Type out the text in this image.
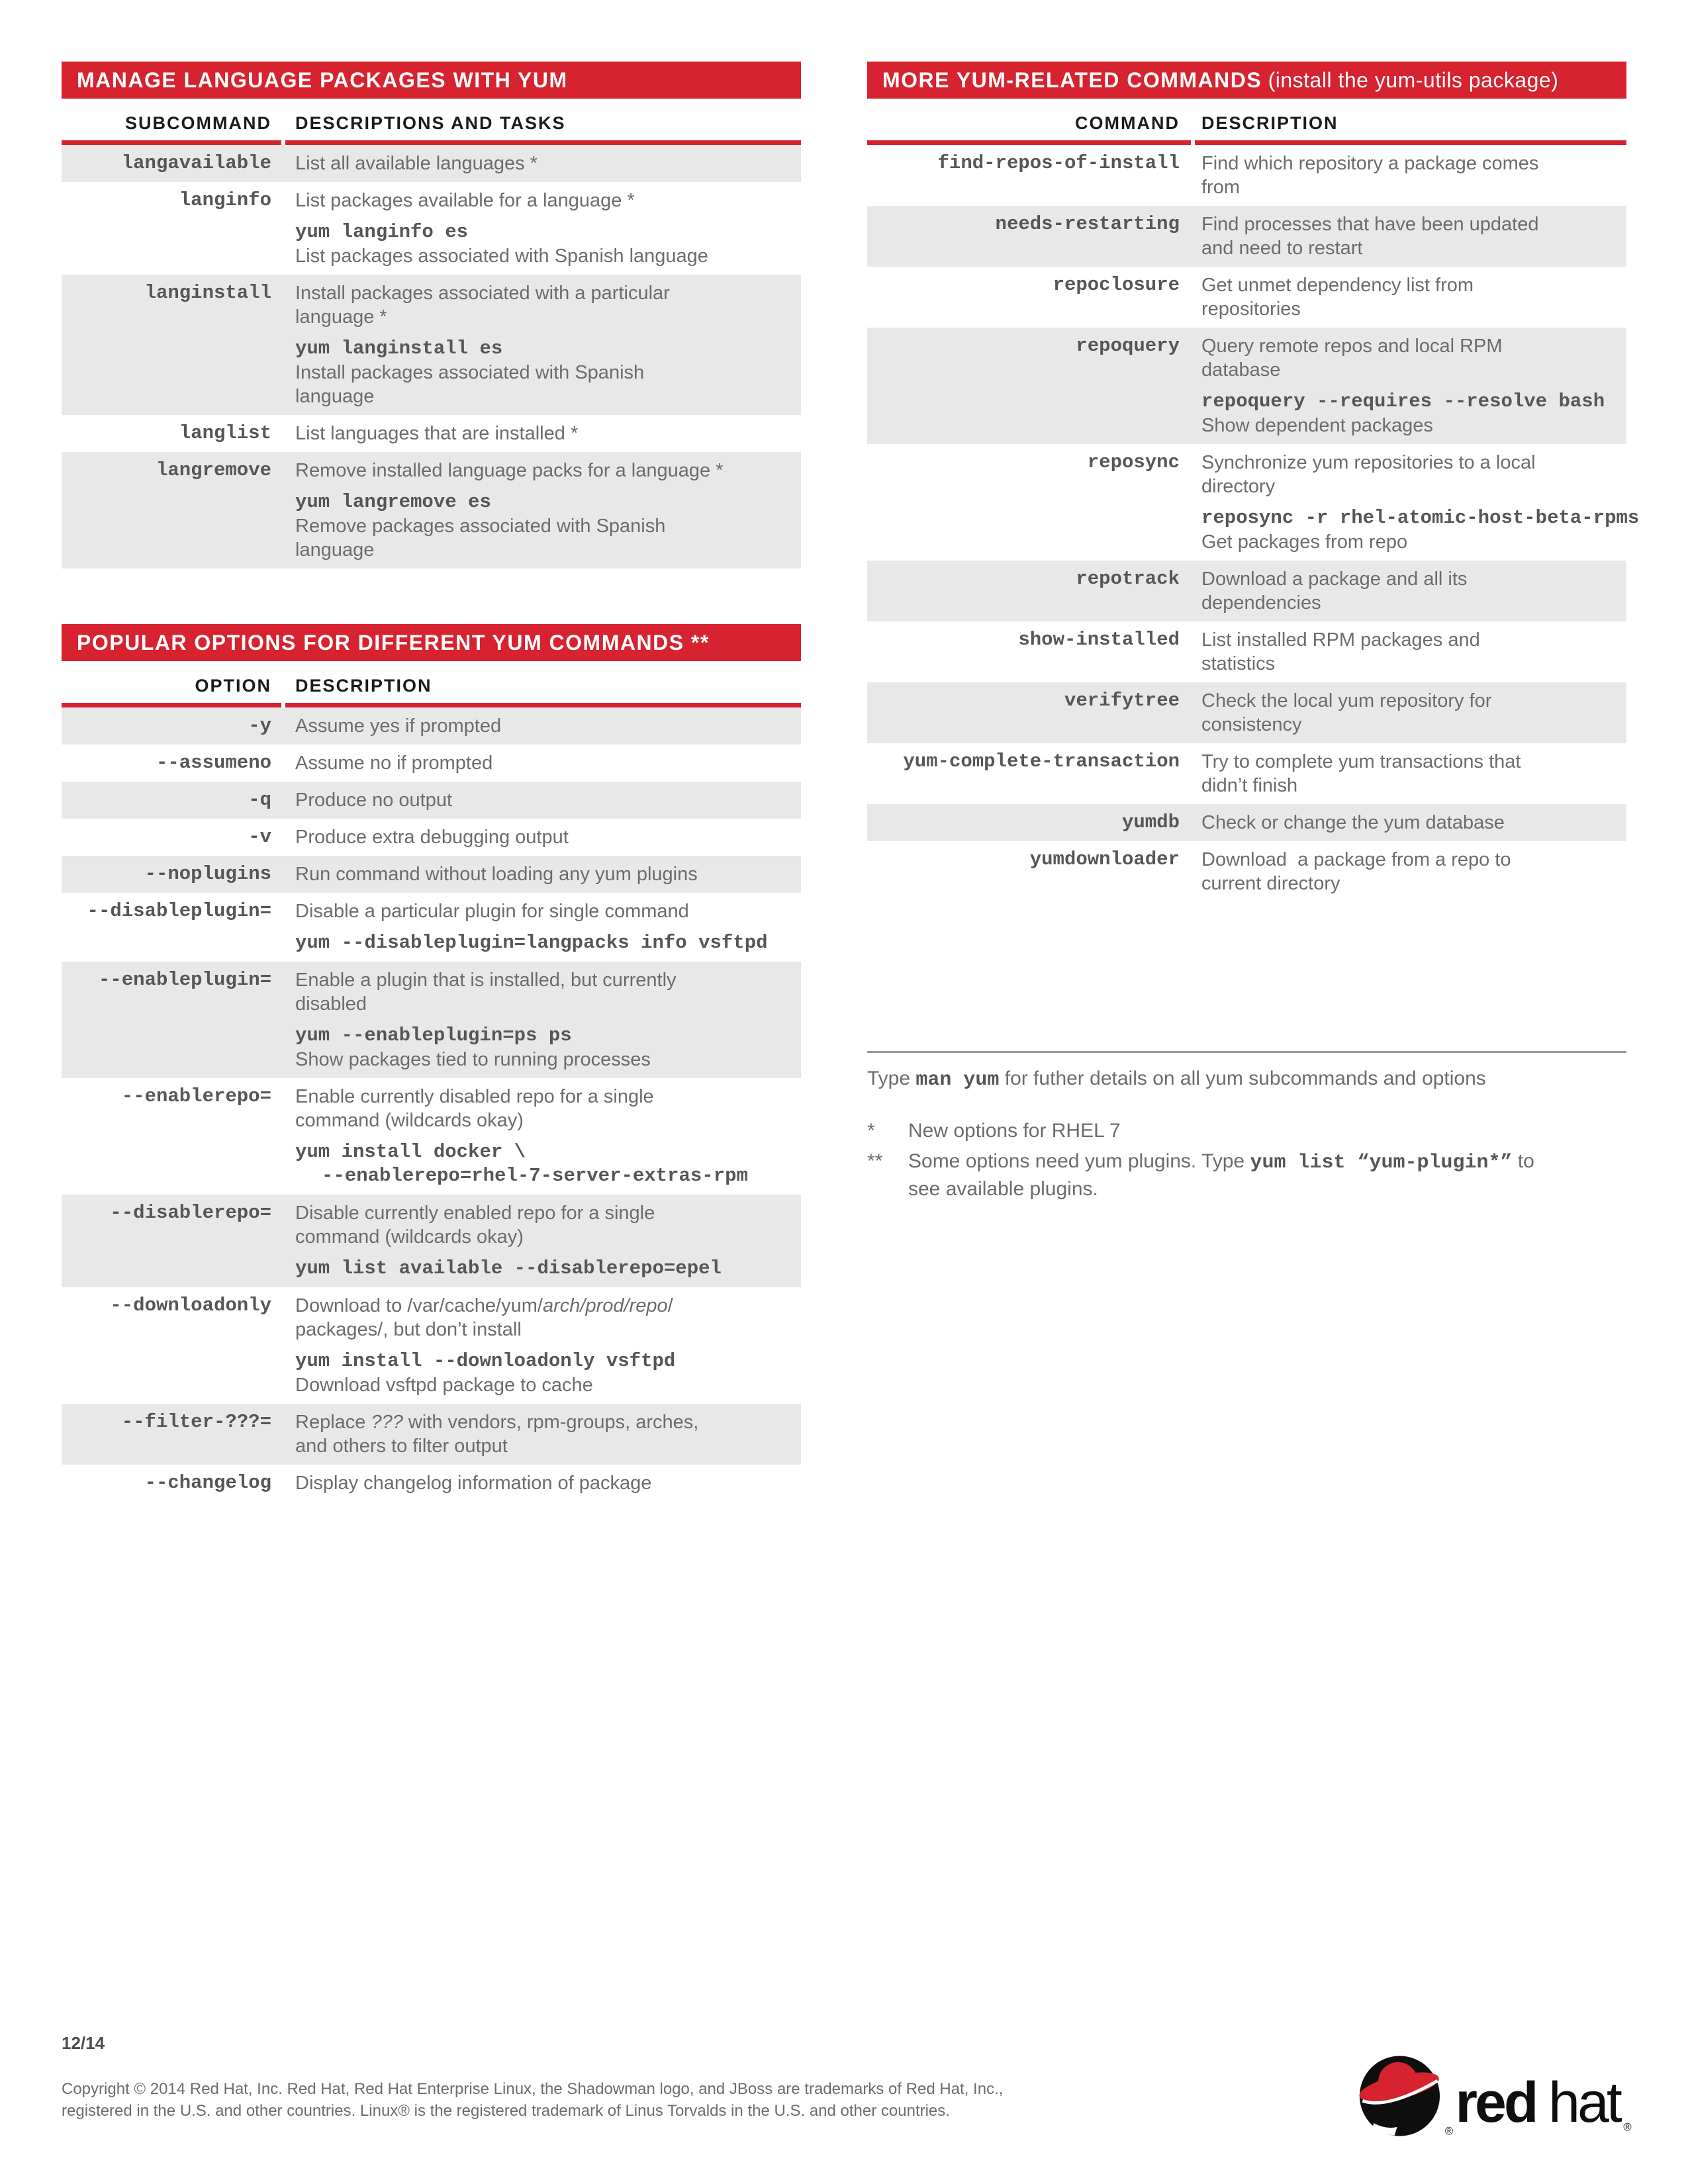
MANAGE LANGUAGE PACKAGES WITH YUM
SUBCOMMAND DESCRIPTIONS AND TASKS
langavailable List all available languages *
langinfo List packages available for a language *
yum langinfo es
List packages associated with Spanish language
langinstall Install packages associated with a particular
language *
yum langinstall es
Install packages associated with Spanish
language
langlist List languages that are installed *
langremove Remove installed language packs for a language *
yum langremove es
Remove packages associated with Spanish
language
POPULAR OPTIONS FOR DIFFERENT YUM COMMANDS **
OPTION DESCRIPTION
-y Assume yes if prompted
--assumeno Assume no if prompted
-q Produce no output
-v Produce extra debugging output
--noplugins Run command without loading any yum plugins
--disableplugin= Disable a particular plugin for single command
yum --disableplugin=langpacks info vsftpd
--enableplugin= Enable a plugin that is installed, but currently
disabled
yum --enableplugin=ps ps
Show packages tied to running processes
--enablerepo= Enable currently disabled repo for a single
command (wildcards okay)
yum install docker \
--enablerepo=rhel-7-server-extras-rpm
--disablerepo= Disable currently enabled repo for a single
command (wildcards okay)
yum list available --disablerepo=epel
--downloadonly Download to /var/cache/yum/arch/prod/repo/
packages/, but don’t install
yum install --downloadonly vsftpd
Download vsftpd package to cache
--filter-???= Replace ??? with vendors, rpm-groups, arches,
and others to filter output
--changelog Display changelog information of package
MORE YUM-RELATED COMMANDS (install the yum-utils package)
COMMAND DESCRIPTION
find-repos-of-install Find which repository a package comes
from
needs-restarting Find processes that have been updated
and need to restart
repoclosure Get unmet dependency list from
repositories
repoquery Query remote repos and local RPM
database
repoquery --requires --resolve bash
Show dependent packages
reposync Synchronize yum repositories to a local
directory
reposync -r rhel-atomic-host-beta-rpms
Get packages from repo
repotrack Download a package and all its
dependencies
show-installed List installed RPM packages and
statistics
verifytree Check the local yum repository for
consistency
yum-complete-transaction Try to complete yum transactions that
didn’t finish
yumdb Check or change the yum database
yumdownloader Download  a package from a repo to
current directory
Type man yum for futher details on all yum subcommands and options
*	New options for RHEL 7
**	Some options need yum plugins. Type yum list “yum-plugin*” to
see available plugins.
12/14
Copyright © 2014 Red Hat, Inc. Red Hat, Red Hat Enterprise Linux, the Shadowman logo, and JBoss are trademarks of Red Hat, Inc.,
registered in the U.S. and other countries. Linux® is the registered trademark of Linus Torvalds in the U.S. and other countries.
® red hat ®
